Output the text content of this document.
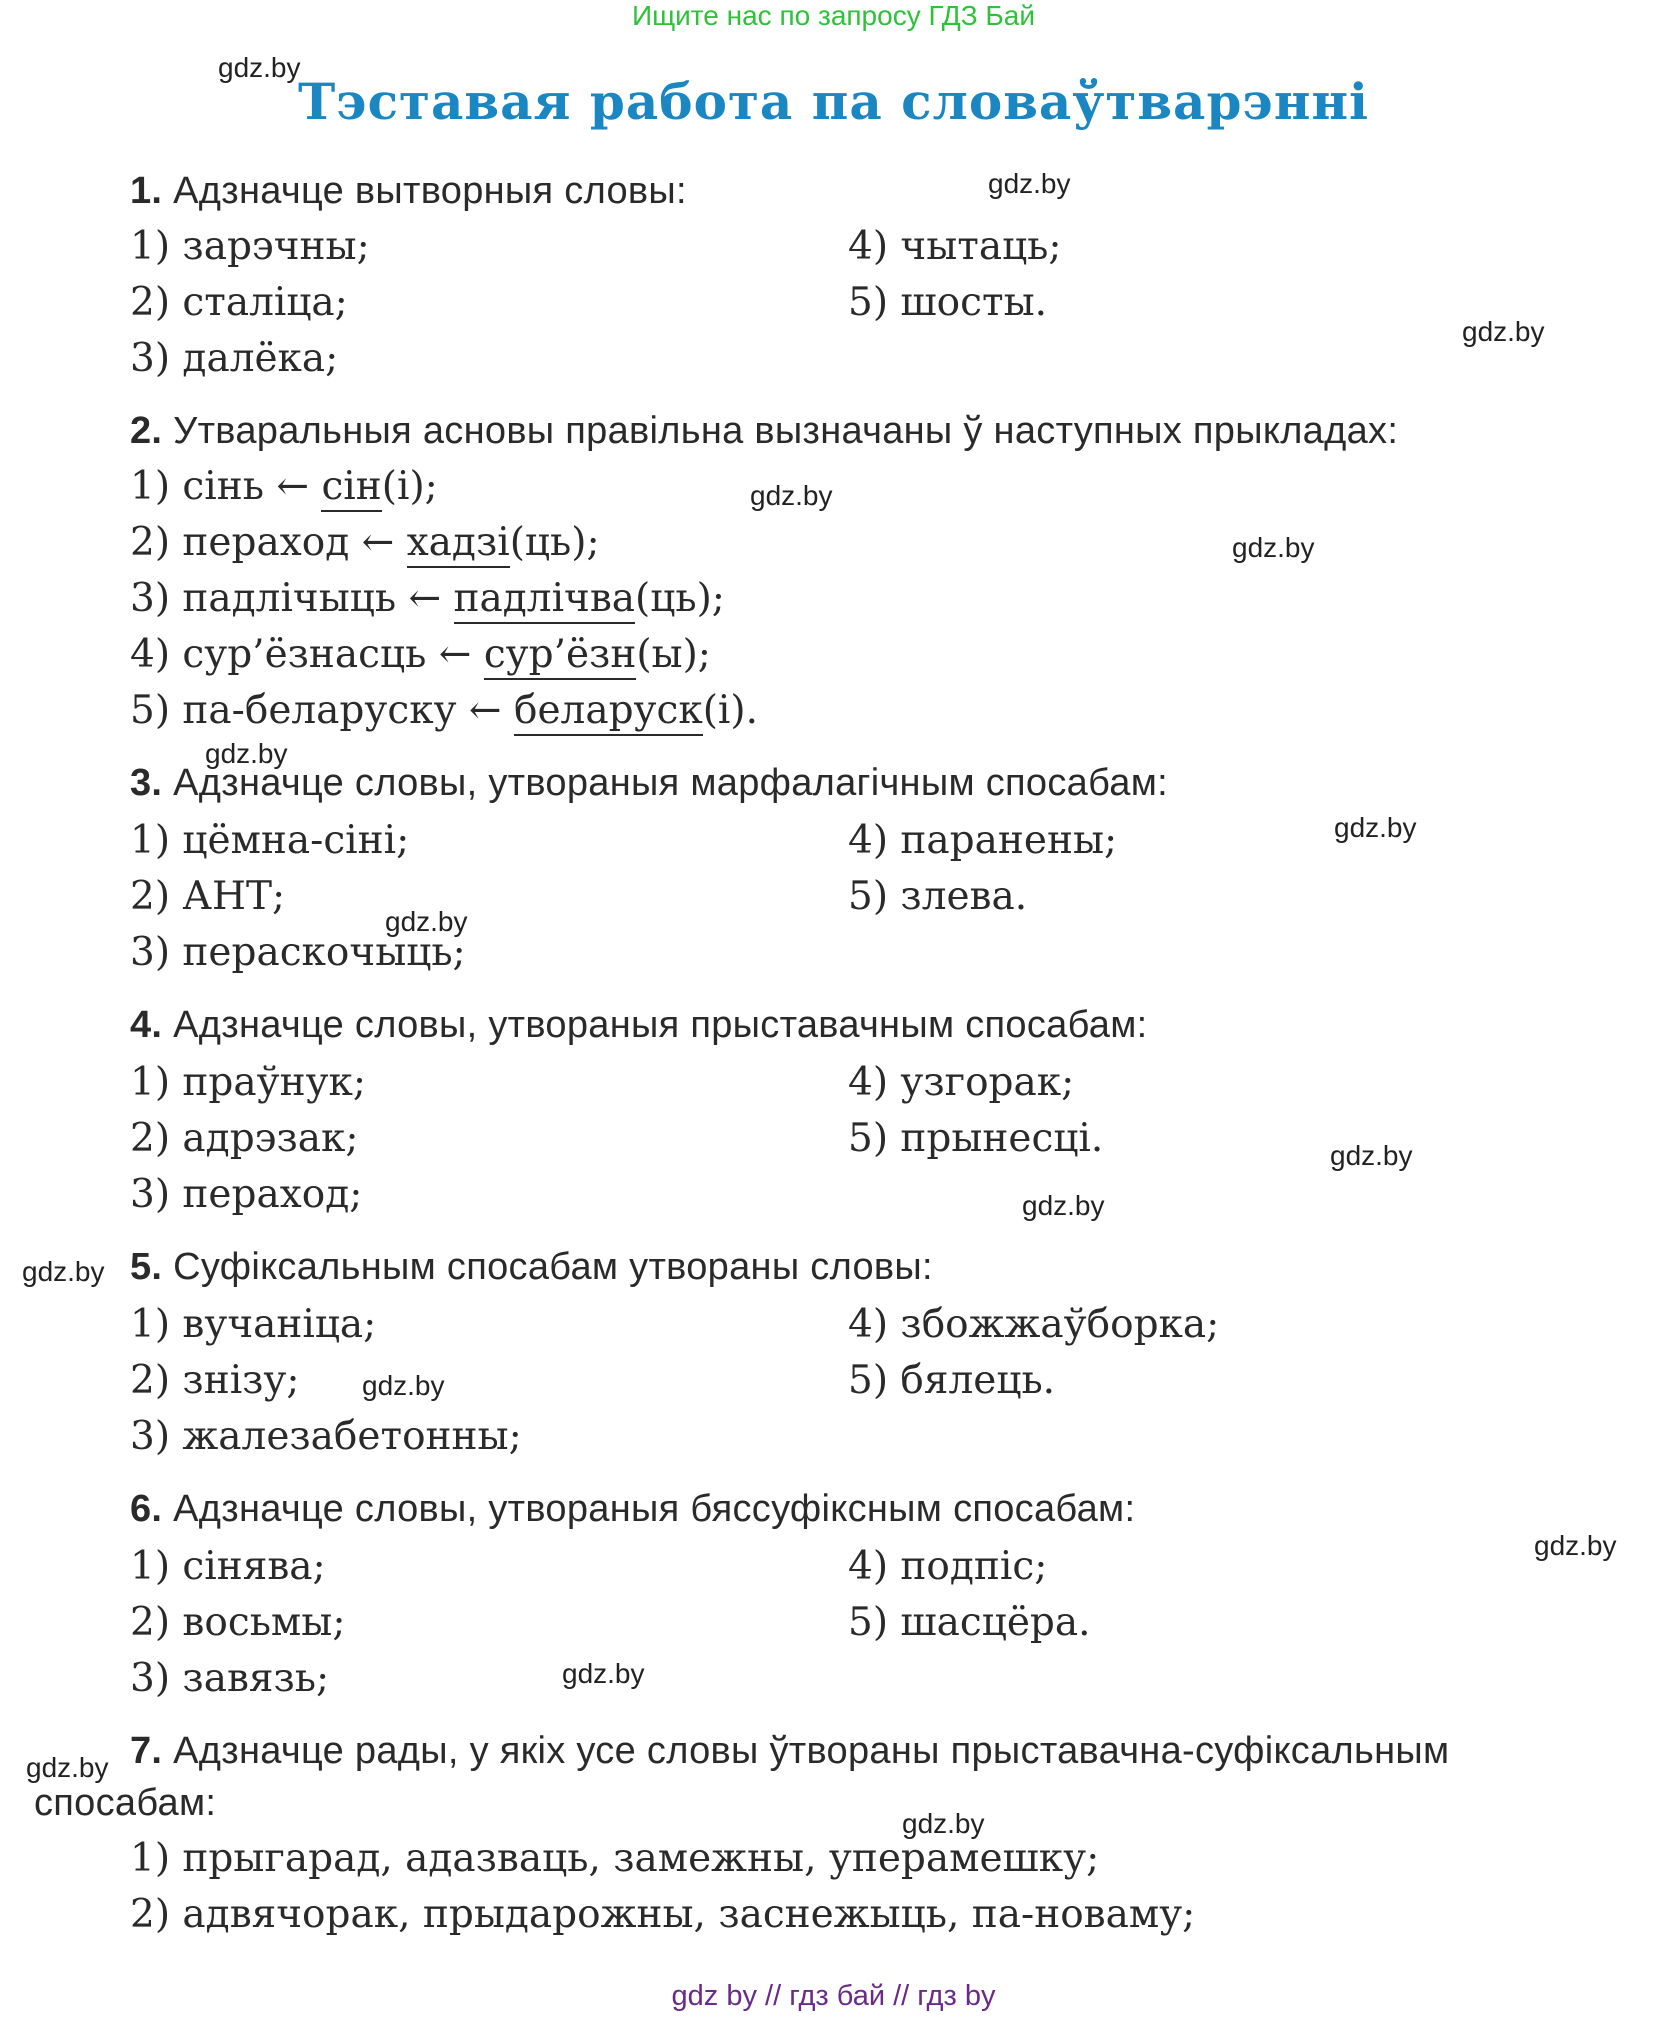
Ищите нас по запросу ГДЗ Бай
Тэставая работа па словаўтварэнні
gdz.by
gdz.by
gdz.by
gdz.by
gdz.by
gdz.by
gdz.by
gdz.by
gdz.by
gdz.by
gdz.by
gdz.by
gdz.by
gdz.by
gdz.by
gdz.by
1. Адзначце вытворныя словы:
1) зарэчны;
2) сталіца;
3) далёка;
4) чытаць;
5) шосты.
2. Утваральныя асновы правільна вызначаны ў наступных прыкладах:
1) сінь ← сін(і);
2) пераход ← хадзі(ць);
3) падлічыць ← падлічва(ць);
4) сур’ёзнасць ← сур’ёзн(ы);
5) па-беларуску ← беларуск(і).
3. Адзначце словы, утвораныя марфалагічным спосабам:
1) цёмна-сіні;
2) АНТ;
3) пераскочыць;
4) паранены;
5) злева.
4. Адзначце словы, утвораныя прыставачным спосабам:
1) праўнук;
2) адрэзак;
3) пераход;
4) узгорак;
5) прынесці.
5. Суфіксальным спосабам утвораны словы:
1) вучаніца;
2) знізу;
3) жалезабетонны;
4) збожжаўборка;
5) бялець.
6. Адзначце словы, утвораныя бяссуфіксным спосабам:
1) сінява;
2) восьмы;
3) завязь;
4) подпіс;
5) шасцёра.
7. Адзначце рады, у якіх усе словы ўтвораны прыставачна-суфіксальным
спосабам:
1) прыгарад, адазваць, замежны, уперамешку;
2) адвячорак, прыдарожны, заснежыць, па-новаму;
gdz by // гдз бай // гдз by
